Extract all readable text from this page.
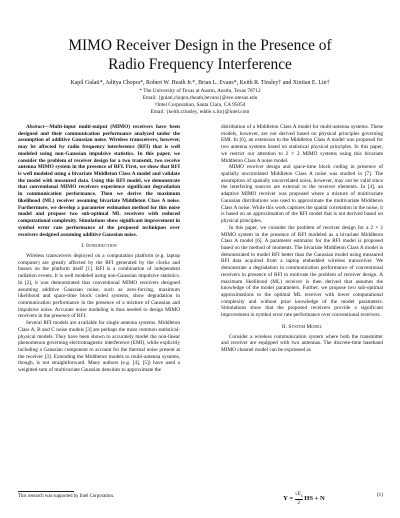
MIMO Receiver Design in the Presence of
Radio Frequency Interference
Kapil Gulati*, Aditya Chopra*, Robert W. Heath Jr.*, Brian L. Evans*, Keith R. Tinsley† and Xintian E. Lin†
* The University of Texas at Austin, Austin, Texas 78712
Email: {gulati,chopra,rheath,bevans}@ece.utexas.edu
†Intel Corporation, Santa Clara, CA 95054
Email: {keith.r.tinsley, eddie.x.lin}@intel.com

Abstract—Multi-input multi-output (MIMO) receivers have been designed and their communication performance analyzed under the assumption of additive Gaussian noise. Wireless transceivers, however, may be affected by radio frequency interference (RFI) that is well modeled using non-Gaussian impulsive statistics. In this paper, we consider the problem of receiver design for a two transmit, two receive antenna MIMO system in the presence of RFI. First, we show that RFI is well modeled using a bivariate Middleton Class A model and validate the model with measured data. Using this RFI model, we demonstrate that conventional MIMO receivers experience significant degradation in communication performance. Then we derive the maximum likelihood (ML) receiver assuming bivariate Middleton Class A noise. Furthermore, we develop a parameter estimation method for this noise model and propose two sub-optimal ML receivers with reduced computational complexity. Simulations show significant improvement in symbol error rate performance of the proposed techniques over receivers designed assuming additive Gaussian noise.

I. Introduction

Wireless transceivers deployed on a computation platform (e.g. laptop computer) are greatly affected by the RFI generated by the clocks and busses on the platform itself [1]. RFI is a combination of independent radiation events. It is well modeled using non-Gaussian impulsive statistics. In [2], it was demonstrated that conventional MIMO receivers designed assuming additive Gaussian noise, such as zero-forcing, maximum likelihood and space-time block coded systems, show degradation in communication performance in the presence of a mixture of Gaussian and impulsive noise. Accurate noise modeling is thus needed to design MIMO receivers in the presence of RFI.

Several RFI models are available for single antenna systems. Middleton Class A, B and C noise models [3] are perhaps the most common statistical-physical models. They have been shown to accurately model the non-linear phenomenon governing electromagnetic interference (EMI), while explicitly including a Gaussian component to account for the thermal noise present at the receiver [3]. Extending the Middleton models to multi-antenna systems, though, is not straightforward. Many authors (e.g. [4], [5]) have used a weighted sum of multivariate Gaussian densities to approximate the

This research was supported by Intel Corporation.

distribution of a Middleton Class A model for multi-antenna systems. These models, however, are not derived based on physical principles governing EMI. In [6], an extension to the Middleton Class A model was proposed for two antenna systems based on statistical physical principles. In this paper, we restrict our attention to 2 × 2 MIMO systems using this bivariate Middleton Class A noise model.

MIMO receiver design and space-time block coding in presence of spatially uncorrelated Middleton Class A noise was studied in [7]. The assumption of spatially uncorrelated noise, however, may not be valid since the interfering sources are external to the receiver elements. In [4], an adaptive MIMO receiver was proposed where a mixture of multivariate Gaussian distributions was used to approximate the multivariate Middleton Class A noise. While this work captures the spatial correlation in the noise, it is based on an approximation of the RFI model that is not derived based on physical principles.

In this paper, we consider the problem of receiver design for a 2 × 2 MIMO system in the presence of RFI modeled as a bivariate Middleton Class A model [6]. A parameter estimator for the RFI model is proposed based on the method of moments. The bivariate Middleton Class A model is demonstrated to model RFI better than the Gaussian model using measured RFI data acquired from a laptop embedded wireless transceiver. We demonstrate a degradation in communication performance of conventional receivers in presence of RFI to motivate the problem of receiver design. A maximum likelihood (ML) receiver is then derived that assumes the knowledge of the model parameters. Further, we propose two sub-optimal approximations to the optimal ML receiver with lower computational complexity and without prior knowledge of the model parameters. Simulations show that the proposed receivers provide a significant improvement in symbol error rate performance over conventional receivers.

II. System Model

Consider a wireless communication system where both the transmitter and receiver are equipped with two antennas. The discrete-time baseband MIMO channel model can be expressed as

$Y = \frac{√E_s}{2}$ HS + N
(1)
